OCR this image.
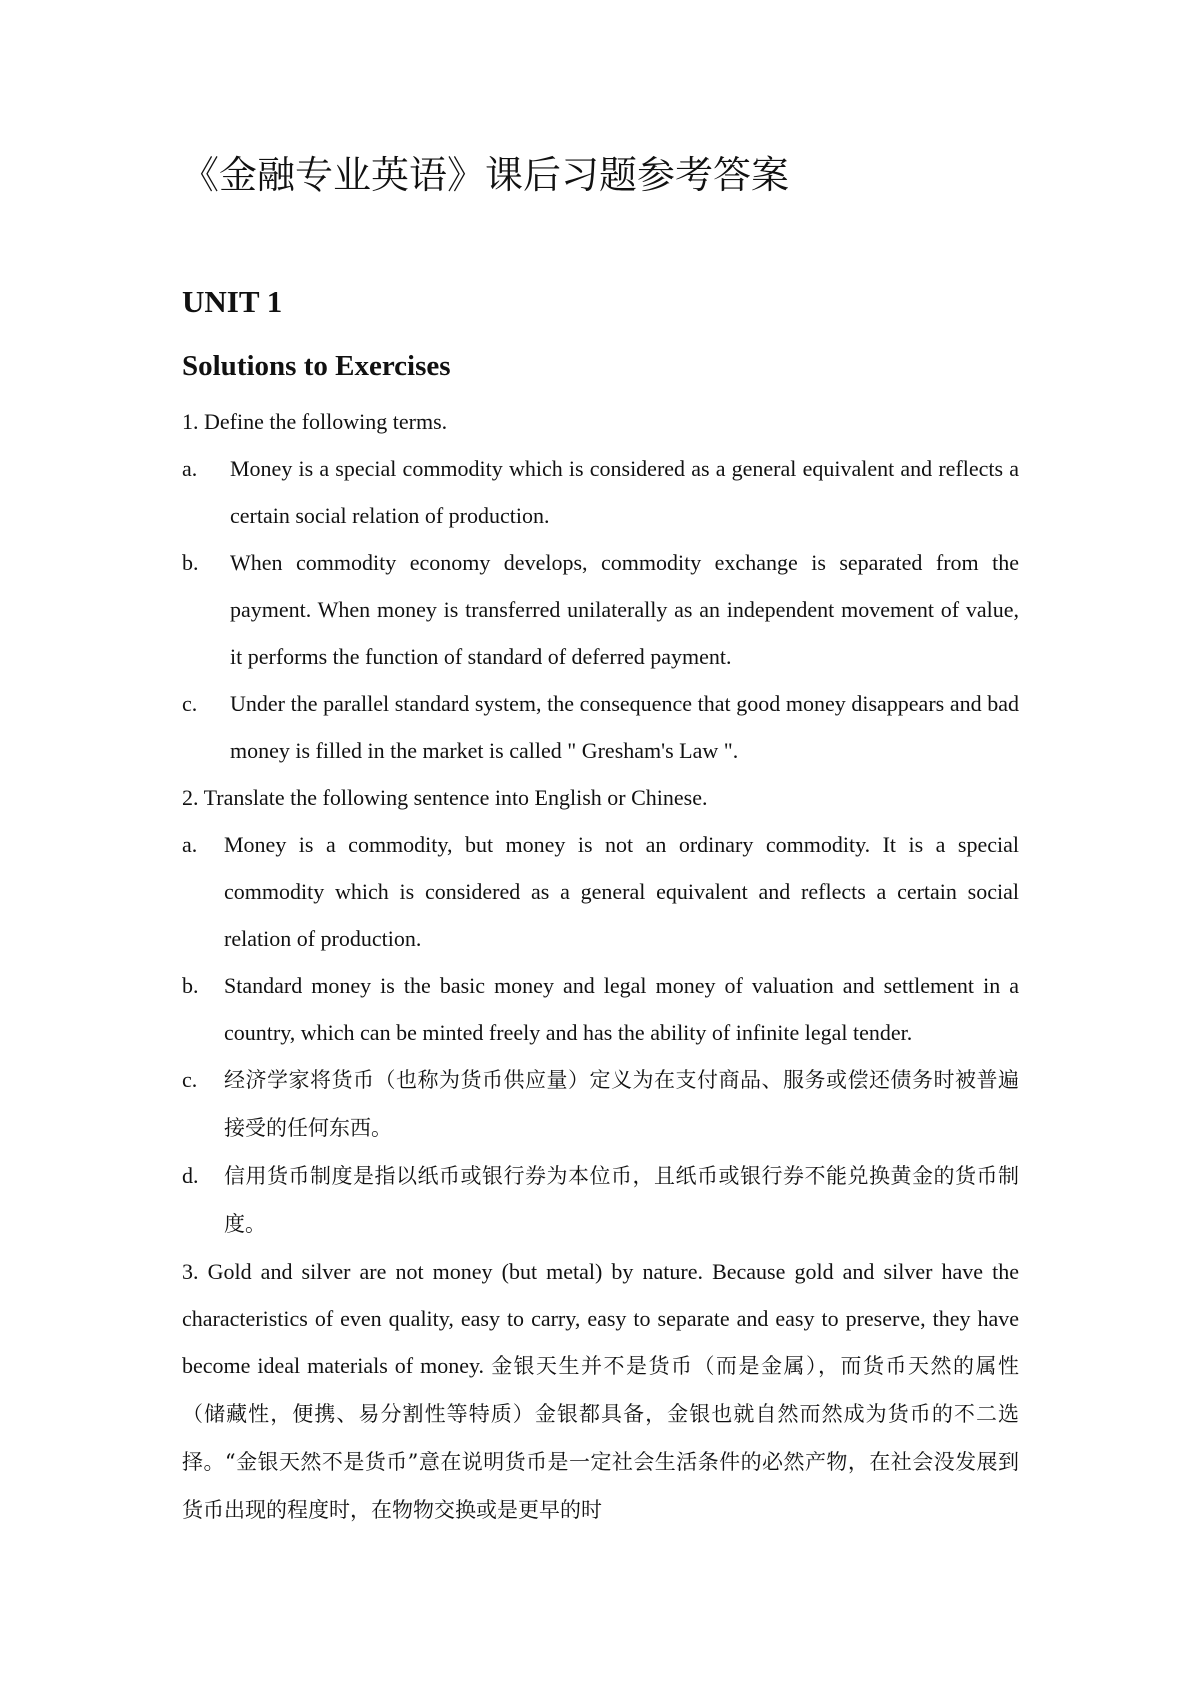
《金融专业英语》课后习题参考答案
UNIT 1
Solutions to Exercises

1. Define the following terms.

a. Money is a special commodity which is considered as a general equivalent and reflects a certain social relation of production.
b. When commodity economy develops, commodity exchange is separated from the payment. When money is transferred unilaterally as an independent movement of value, it performs the function of standard of deferred payment.
c. Under the parallel standard system, the consequence that good money disappears and bad money is filled in the market is called " Gresham's Law ".

2. Translate the following sentence into English or Chinese.

a. Money is a commodity, but money is not an ordinary commodity. It is a special commodity which is considered as a general equivalent and reflects a certain social relation of production.
b. Standard money is the basic money and legal money of valuation and settlement in a country, which can be minted freely and has the ability of infinite legal tender.
c. 经济学家将货币（也称为货币供应量）定义为在支付商品、服务或偿还债务时被普遍接受的任何东西。
d. 信用货币制度是指以纸币或银行券为本位币，且纸币或银行券不能兑换黄金的货币制度。

3. Gold and silver are not money (but metal) by nature. Because gold and silver have the characteristics of even quality, easy to carry, easy to separate and easy to preserve, they have become ideal materials of money. 金银天生并不是货币（而是金属），而货币天然的属性（储藏性，便携、易分割性等特质）金银都具备，金银也就自然而然成为货币的不二选择。“金银天然不是货币”意在说明货币是一定社会生活条件的必然产物，在社会没发展到货币出现的程度时，在物物交换或是更早的时
